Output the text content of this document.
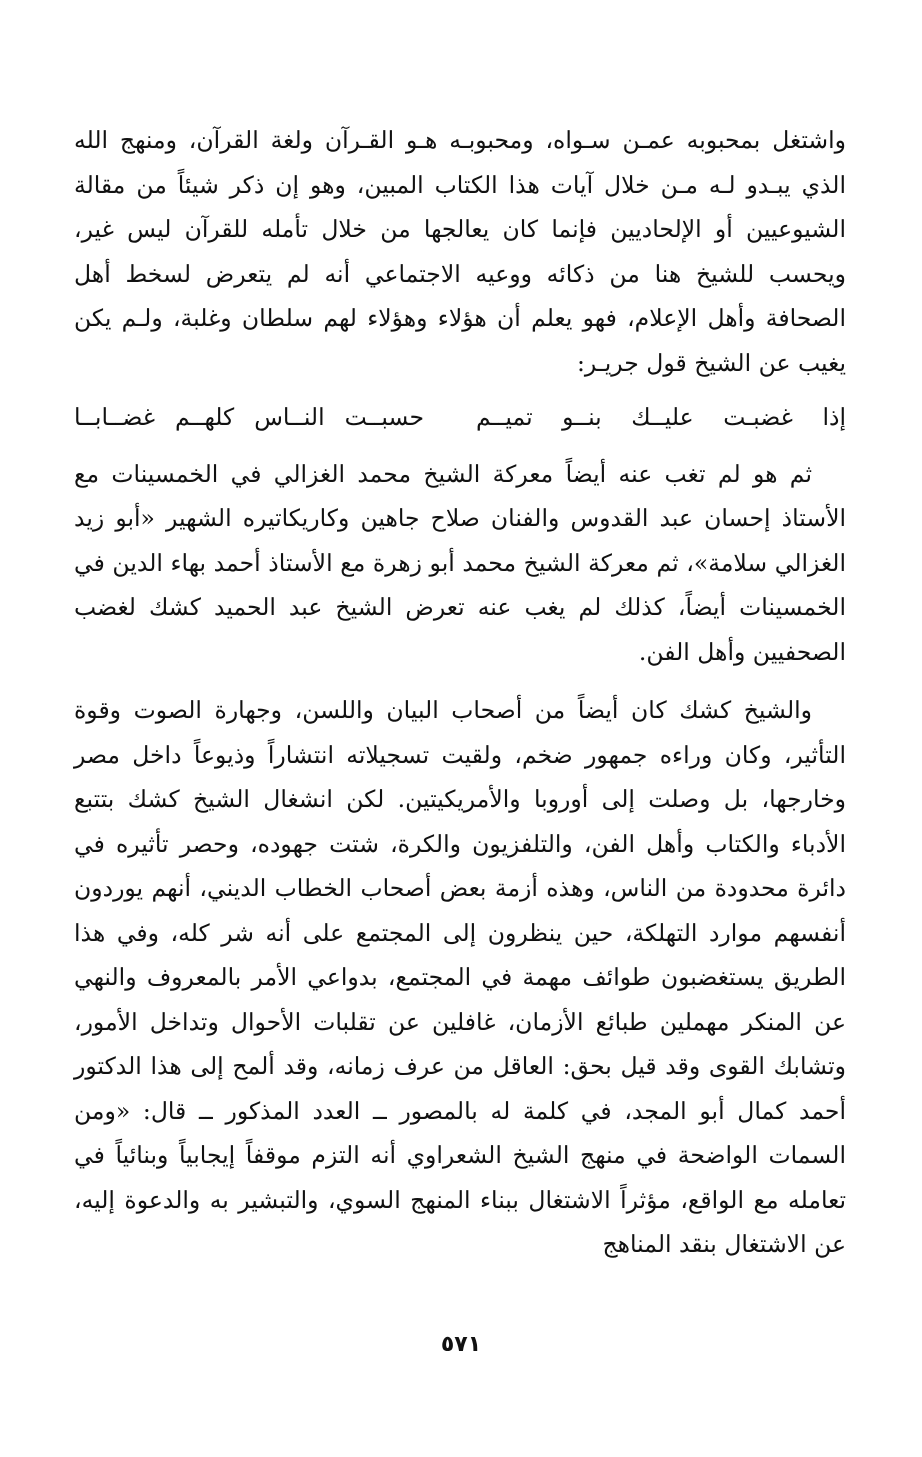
واشتغل بمحبوبه عمـن سـواه، ومحبوبـه هـو القـرآن ولغة القرآن، ومنهج الله الذي يبـدو لـه مـن خلال آيات هذا الكتاب المبين، وهو إن ذكر شيئاً من مقالة الشيوعيين أو الإلحاديين فإنما كان يعالجها من خلال تأمله للقرآن ليس غير، ويحسب للشيخ هنا من ذكائه ووعيه الاجتماعي أنه لم يتعرض لسخط أهل الصحافة وأهل الإعلام، فهو يعلم أن هؤلاء وهؤلاء لهم سلطان وغلبة، ولـم يكن يغيب عن الشيخ قول جريـر:

إذا غضبـت عليــك بنــو تميــم
حسبــت النــاس كلهــم غضــابــا

ثم هو لم تغب عنه أيضاً معركة الشيخ محمد الغزالي في الخمسينات مع الأستاذ إحسان عبد القدوس والفنان صلاح جاهين وكاريكاتيره الشهير «أبو زيد الغزالي سلامة»، ثم معركة الشيخ محمد أبو زهرة مع الأستاذ أحمد بهاء الدين في الخمسينات أيضاً، كذلك لم يغب عنه تعرض الشيخ عبد الحميد كشك لغضب الصحفيين وأهل الفن.

والشيخ كشك كان أيضاً من أصحاب البيان واللسن، وجهارة الصوت وقوة التأثير، وكان وراءه جمهور ضخم، ولقيت تسجيلاته انتشاراً وذيوعاً داخل مصر وخارجها، بل وصلت إلى أوروبا والأمريكيتين. لكن انشغال الشيخ كشك بتتبع الأدباء والكتاب وأهل الفن، والتلفزيون والكرة، شتت جهوده، وحصر تأثيره في دائرة محدودة من الناس، وهذه أزمة بعض أصحاب الخطاب الديني، أنهم يوردون أنفسهم موارد التهلكة، حين ينظرون إلى المجتمع على أنه شر كله، وفي هذا الطريق يستغضبون طوائف مهمة في المجتمع، بدواعي الأمر بالمعروف والنهي عن المنكر مهملين طبائع الأزمان، غافلين عن تقلبات الأحوال وتداخل الأمور، وتشابك القوى وقد قيل بحق: العاقل من عرف زمانه، وقد ألمح إلى هذا الدكتور أحمد كمال أبو المجد، في كلمة له بالمصور ــ العدد المذكور ــ قال: «ومن السمات الواضحة في منهج الشيخ الشعراوي أنه التزم موقفاً إيجابياً وبنائياً في تعامله مع الواقع، مؤثراً الاشتغال ببناء المنهج السوي، والتبشير به والدعوة إليه، عن الاشتغال بنقد المناهج

٥٧١
